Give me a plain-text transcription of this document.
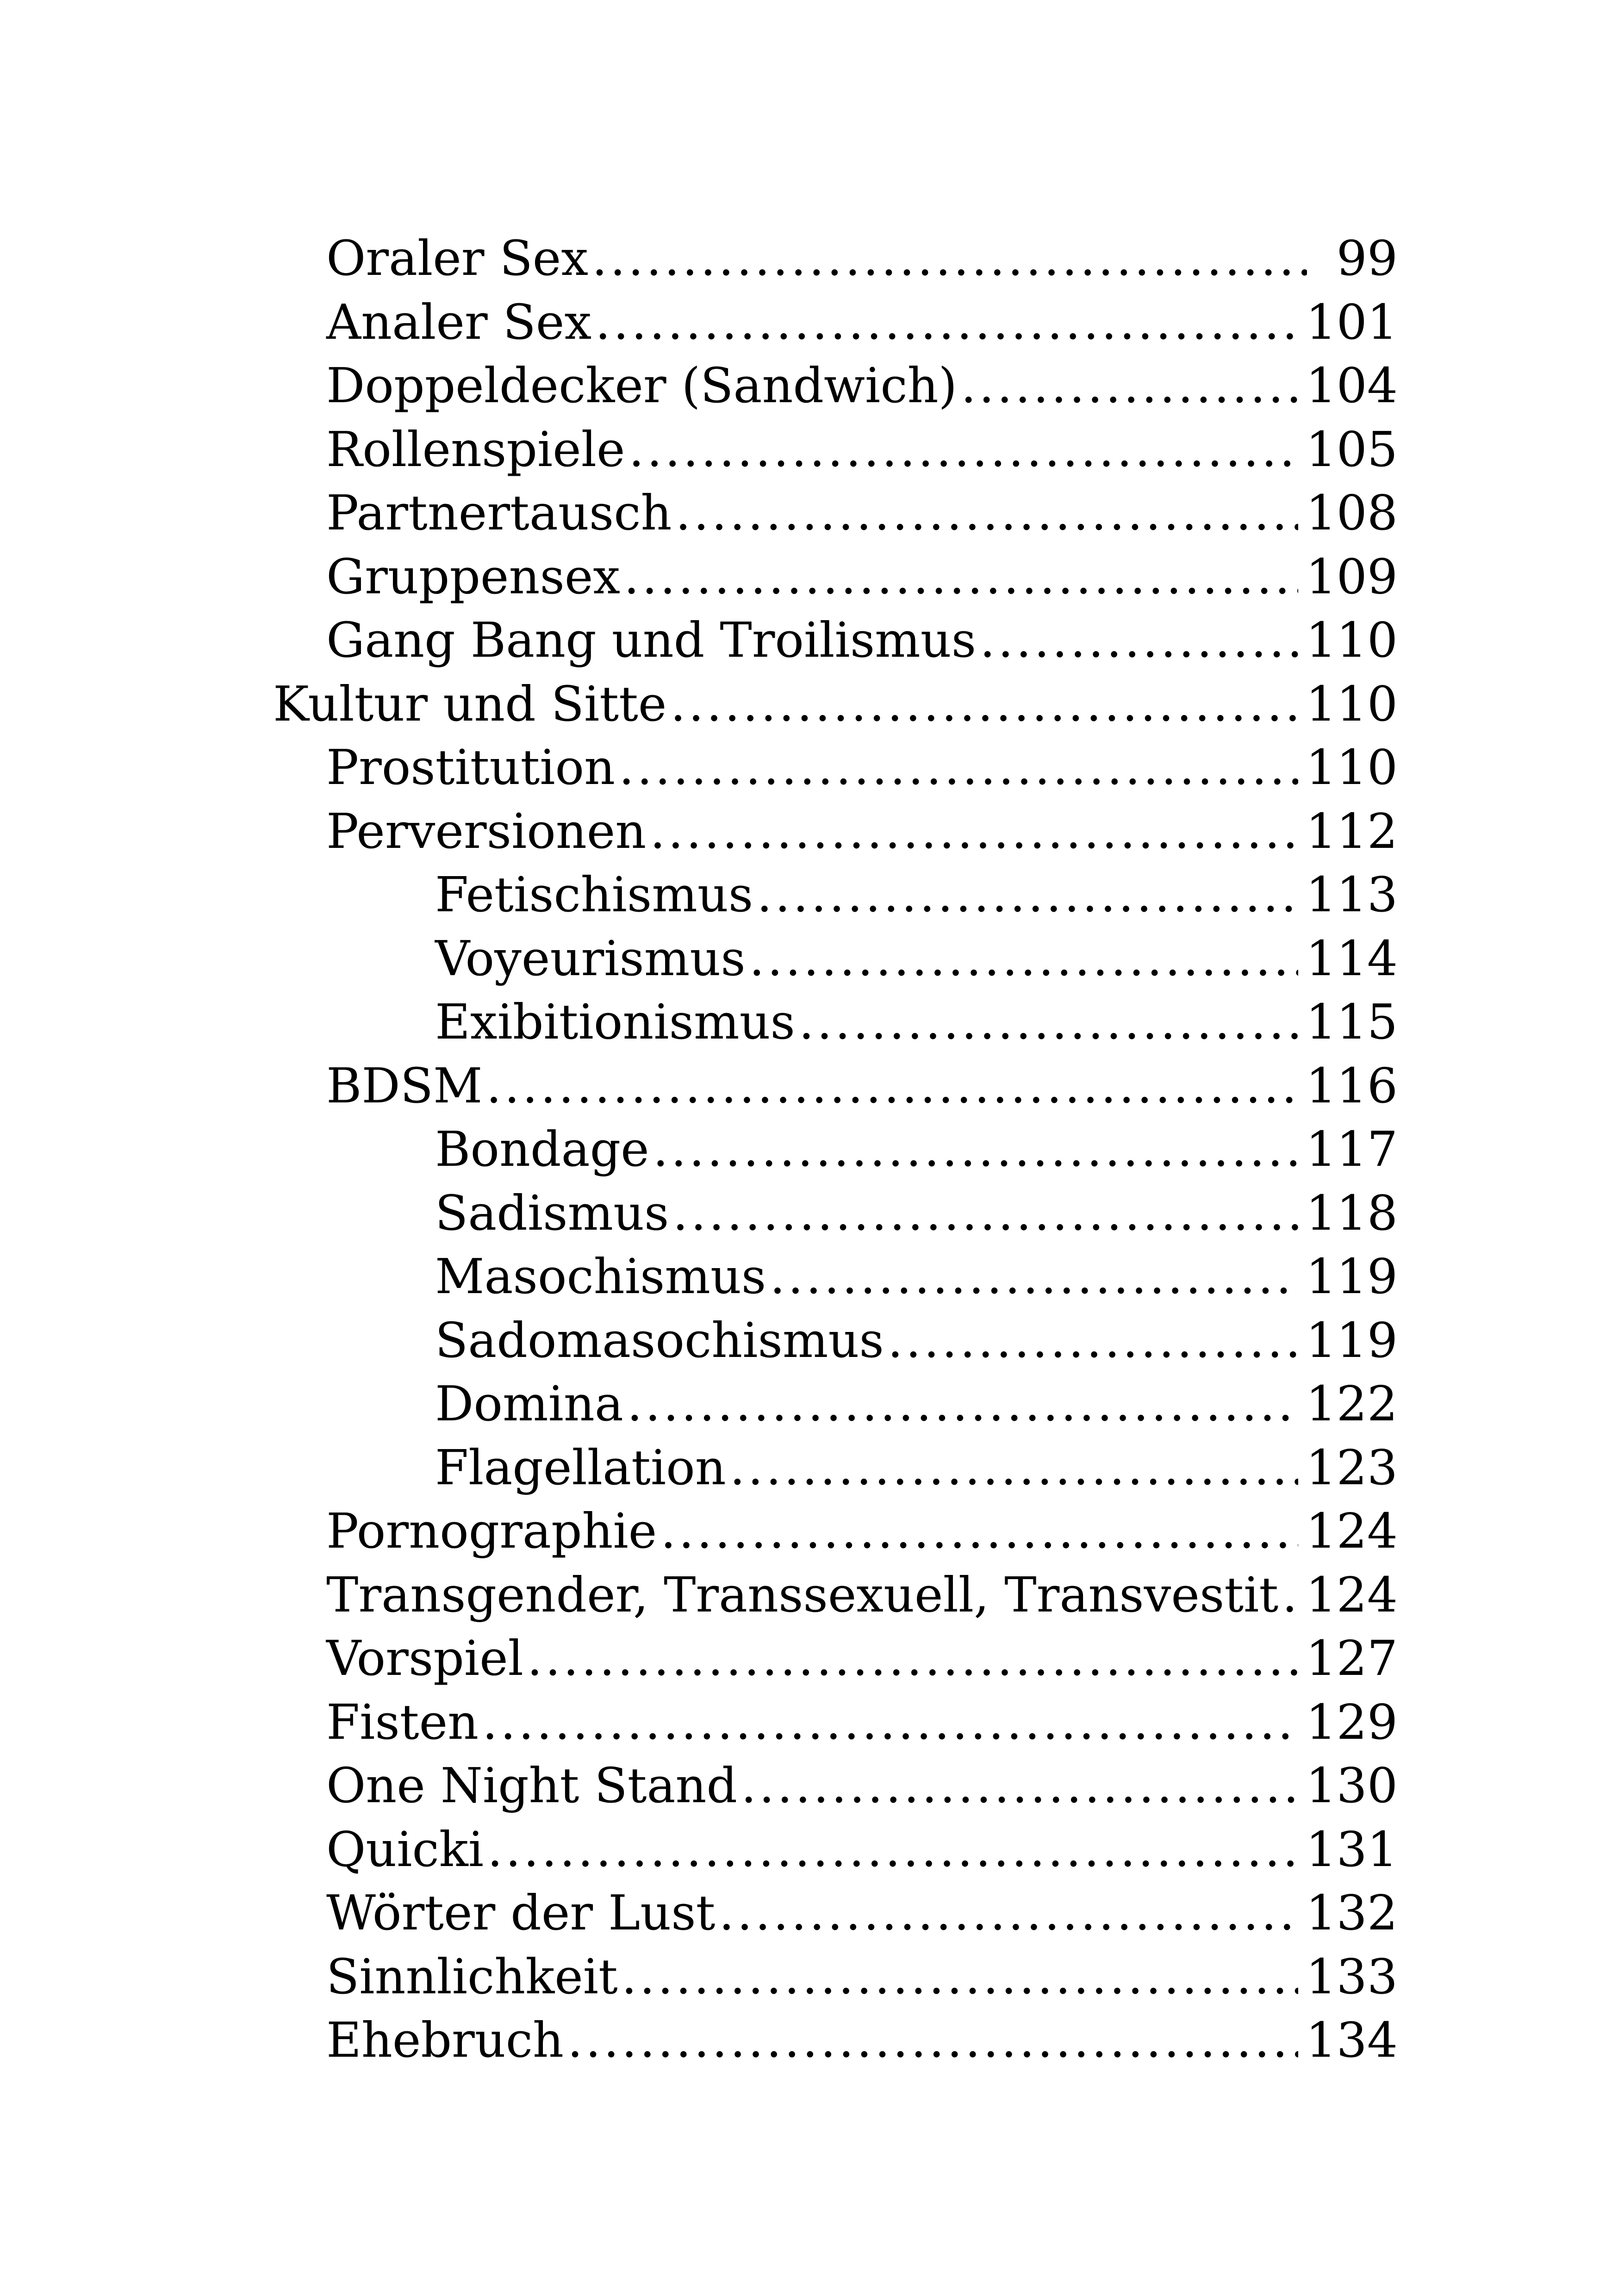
Oraler Sex .....	99
Analer Sex .....	101
Doppeldecker (Sandwich) .....	104
Rollenspiele .....	105
Partnertausch .....	108
Gruppensex .....	109
Gang Bang und Troilismus .....	110
Kultur und Sitte .....	110
Prostitution .....	110
Perversionen .....	112
Fetischismus .....	113
Voyeurismus .....	114
Exibitionismus .....	115
BDSM .....	116
Bondage .....	117
Sadismus .....	118
Masochismus .....	119
Sadomasochismus .....	119
Domina .....	122
Flagellation .....	123
Pornographie .....	124
Transgender, Transsexuell, Transvestit ..... 124
Vorspiel .....	127
Fisten .....	129
One Night Stand .....	130
Quicki .....	131
Wörter der Lust .....	132
Sinnlichkeit .....	133
Ehebruch .....	134
